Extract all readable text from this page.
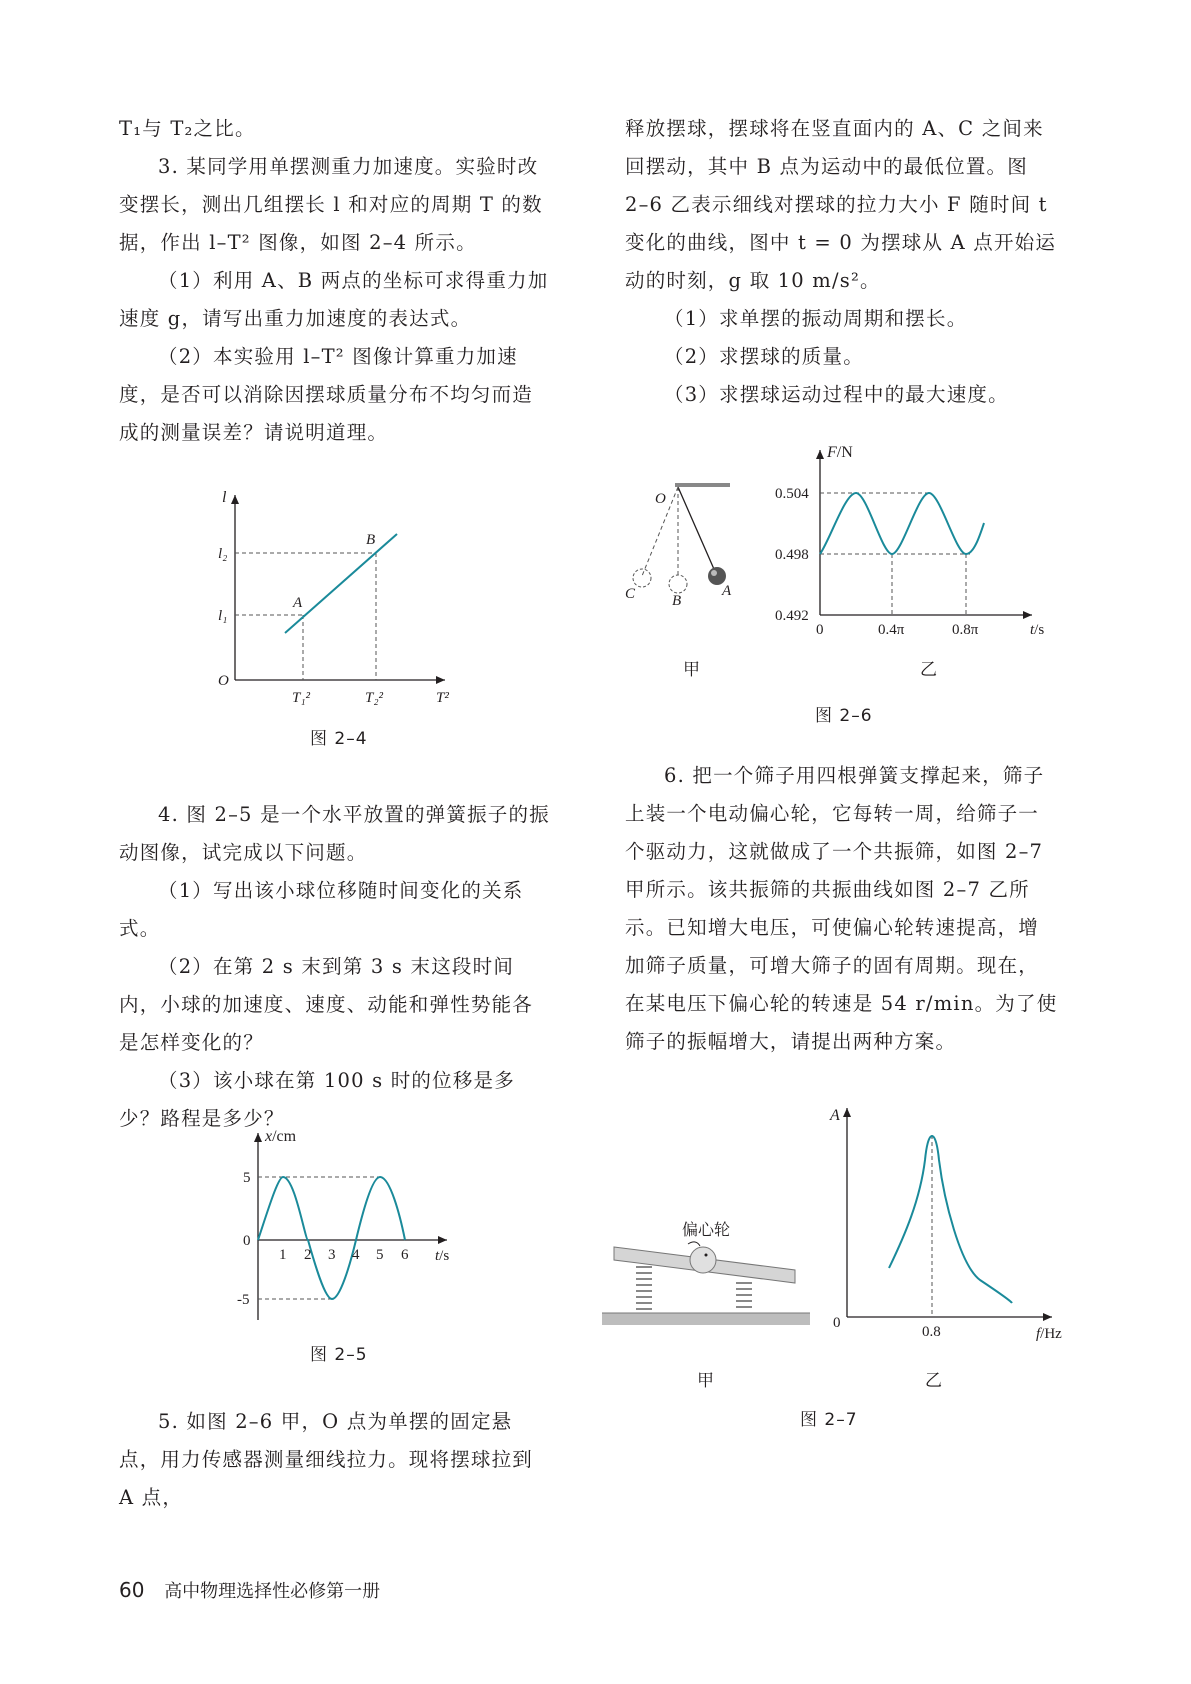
T₁与 T₂之比。

3. 某同学用单摆测重力加速度。实验时改变摆长，测出几组摆长 l 和对应的周期 T 的数据，作出 l–T² 图像，如图 2–4 所示。

（1）利用 A、B 两点的坐标可求得重力加速度 g，请写出重力加速度的表达式。

（2）本实验用 l–T² 图像计算重力加速度，是否可以消除因摆球质量分布不均匀而造成的测量误差？请说明道理。

l
O
l₂
l₁
A
B
T₁²	T₂²	T²
图 2–4

4. 图 2–5 是一个水平放置的弹簧振子的振动图像，试完成以下问题。

（1）写出该小球位移随时间变化的关系式。

（2）在第 2 s 末到第 3 s 末这段时间内，小球的加速度、速度、动能和弹性势能各是怎样变化的？

（3）该小球在第 100 s 时的位移是多少？路程是多少？

x/cm
5
0
-5
1 2 3 4 5 6 t/s
图 2–5

5. 如图 2–6 甲，O 点为单摆的固定悬点，用力传感器测量细线拉力。现将摆球拉到 A 点，

释放摆球，摆球将在竖直面内的 A、C 之间来回摆动，其中 B 点为运动中的最低位置。图 2–6 乙表示细线对摆球的拉力大小 F 随时间 t 变化的曲线，图中 t = 0 为摆球从 A 点开始运动的时刻，g 取 10 m/s²。

（1）求单摆的振动周期和摆长。

（2）求摆球的质量。

（3）求摆球运动过程中的最大速度。

O
A
B
C
甲
F/N
0.504
0.498
0.492
0	0.4π	0.8π	t/s
乙
图 2–6

6. 把一个筛子用四根弹簧支撑起来，筛子上装一个电动偏心轮，它每转一周，给筛子一个驱动力，这就做成了一个共振筛，如图 2–7 甲所示。该共振筛的共振曲线如图 2–7 乙所示。已知增大电压，可使偏心轮转速提高，增加筛子质量，可增大筛子的固有周期。现在，在某电压下偏心轮的转速是 54 r/min。为了使筛子的振幅增大，请提出两种方案。

偏心轮
甲
A
0
0.8	f/Hz
乙
图 2–7
60 高中物理选择性必修第一册
